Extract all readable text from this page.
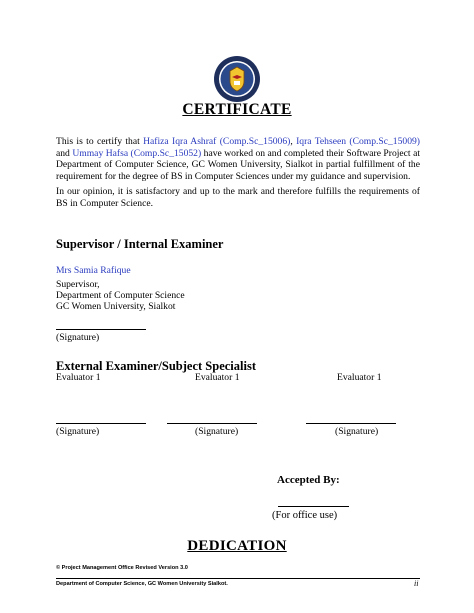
CERTIFICATE
This is to certify that Hafiza Iqra Ashraf (Comp.Sc_15006), Iqra Tehseen (Comp.Sc_15009) and Ummay Hafsa (Comp.Sc_15052) have worked on and completed their Software Project at Department of Computer Science, GC Women University, Sialkot in partial fulfillment of the requirement for the degree of BS in Computer Sciences under my guidance and supervision.
In our opinion, it is satisfactory and up to the mark and therefore fulfills the requirements of BS in Computer Science.
Supervisor / Internal Examiner
Mrs Samia Rafique
Supervisor,
Department of Computer Science
GC Women University, Sialkot
(Signature)
External Examiner/Subject Specialist
Evaluator 1	Evaluator 1	Evaluator 1
(Signature)	(Signature)	(Signature)
Accepted By:
(For office use)
DEDICATION
© Project Management Office Revised Version 3.0
Department of Computer Science, GC Women University Sialkot.	ii
